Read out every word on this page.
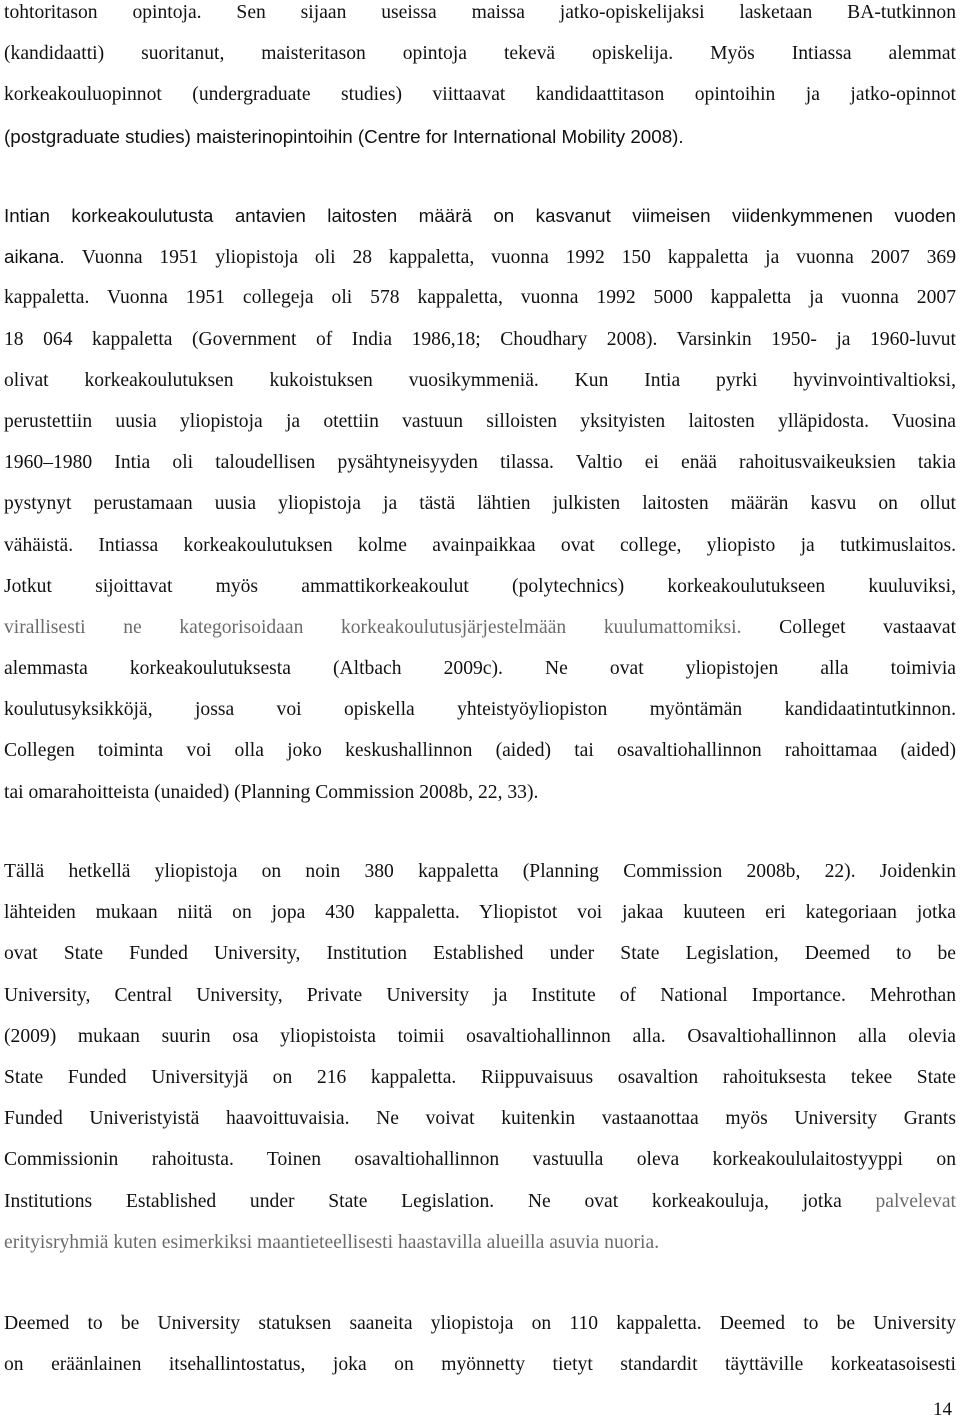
tohtoritason opintoja. Sen sijaan useissa maissa jatko-opiskelijaksi lasketaan BA-tutkinnon
(kandidaatti) suoritanut, maisteritason opintoja tekevä opiskelija. Myös Intiassa alemmat
korkeakouluopinnot (undergraduate studies) viittaavat kandidaattitason opintoihin ja jatko-opinnot
(postgraduate studies) maisterinopintoihin (Centre for International Mobility 2008).
Intian korkeakoulutusta antavien laitosten määrä on kasvanut viimeisen viidenkymmenen vuoden
aikana. Vuonna 1951 yliopistoja oli 28 kappaletta, vuonna 1992 150 kappaletta ja vuonna 2007 369
kappaletta. Vuonna 1951 collegeja oli 578 kappaletta, vuonna 1992 5000 kappaletta ja vuonna 2007
18 064 kappaletta (Government of India 1986,18; Choudhary 2008). Varsinkin 1950- ja 1960-luvut
olivat korkeakoulutuksen kukoistuksen vuosikymmeniä. Kun Intia pyrki hyvinvointivaltioksi,
perustettiin uusia yliopistoja ja otettiin vastuun silloisten yksityisten laitosten ylläpidosta. Vuosina
1960–1980 Intia oli taloudellisen pysähtyneisyyden tilassa. Valtio ei enää rahoitusvaikeuksien takia
pystynyt perustamaan uusia yliopistoja ja tästä lähtien julkisten laitosten määrän kasvu on ollut
vähäistä. Intiassa korkeakoulutuksen kolme avainpaikkaa ovat college, yliopisto ja tutkimuslaitos.
Jotkut sijoittavat myös ammattikorkeakoulut (polytechnics) korkeakoulutukseen kuuluviksi,
virallisesti ne kategorisoidaan korkeakoulutusjärjestelmään kuulumattomiksi. Colleget vastaavat
alemmasta korkeakoulutuksesta (Altbach 2009c). Ne ovat yliopistojen alla toimivia
koulutusyksikköjä, jossa voi opiskella yhteistyöyliopiston myöntämän kandidaatintutkinnon.
Collegen toiminta voi olla joko keskushallinnon (aided) tai osavaltiohallinnon rahoittamaa (aided)
tai omarahoitteista (unaided) (Planning Commission 2008b, 22, 33).
Tällä hetkellä yliopistoja on noin 380 kappaletta (Planning Commission 2008b, 22). Joidenkin
lähteiden mukaan niitä on jopa 430 kappaletta. Yliopistot voi jakaa kuuteen eri kategoriaan jotka
ovat State Funded University, Institution Established under State Legislation, Deemed to be
University, Central University, Private University ja Institute of National Importance. Mehrothan
(2009) mukaan suurin osa yliopistoista toimii osavaltiohallinnon alla. Osavaltiohallinnon alla olevia
State Funded Universityjä on 216 kappaletta. Riippuvaisuus osavaltion rahoituksesta tekee State
Funded Univeristyistä haavoittuvaisia. Ne voivat kuitenkin vastaanottaa myös University Grants
Commissionin rahoitusta. Toinen osavaltiohallinnon vastuulla oleva korkeakoululaitostyyppi on
Institutions Established under State Legislation. Ne ovat korkeakouluja, jotka palvelevat
erityisryhmiä kuten esimerkiksi maantieteellisesti haastavilla alueilla asuvia nuoria.
Deemed to be University statuksen saaneita yliopistoja on 110 kappaletta. Deemed to be University
on eräänlainen itsehallintostatus, joka on myönnetty tietyt standardit täyttäville korkeatasoisesti
14
